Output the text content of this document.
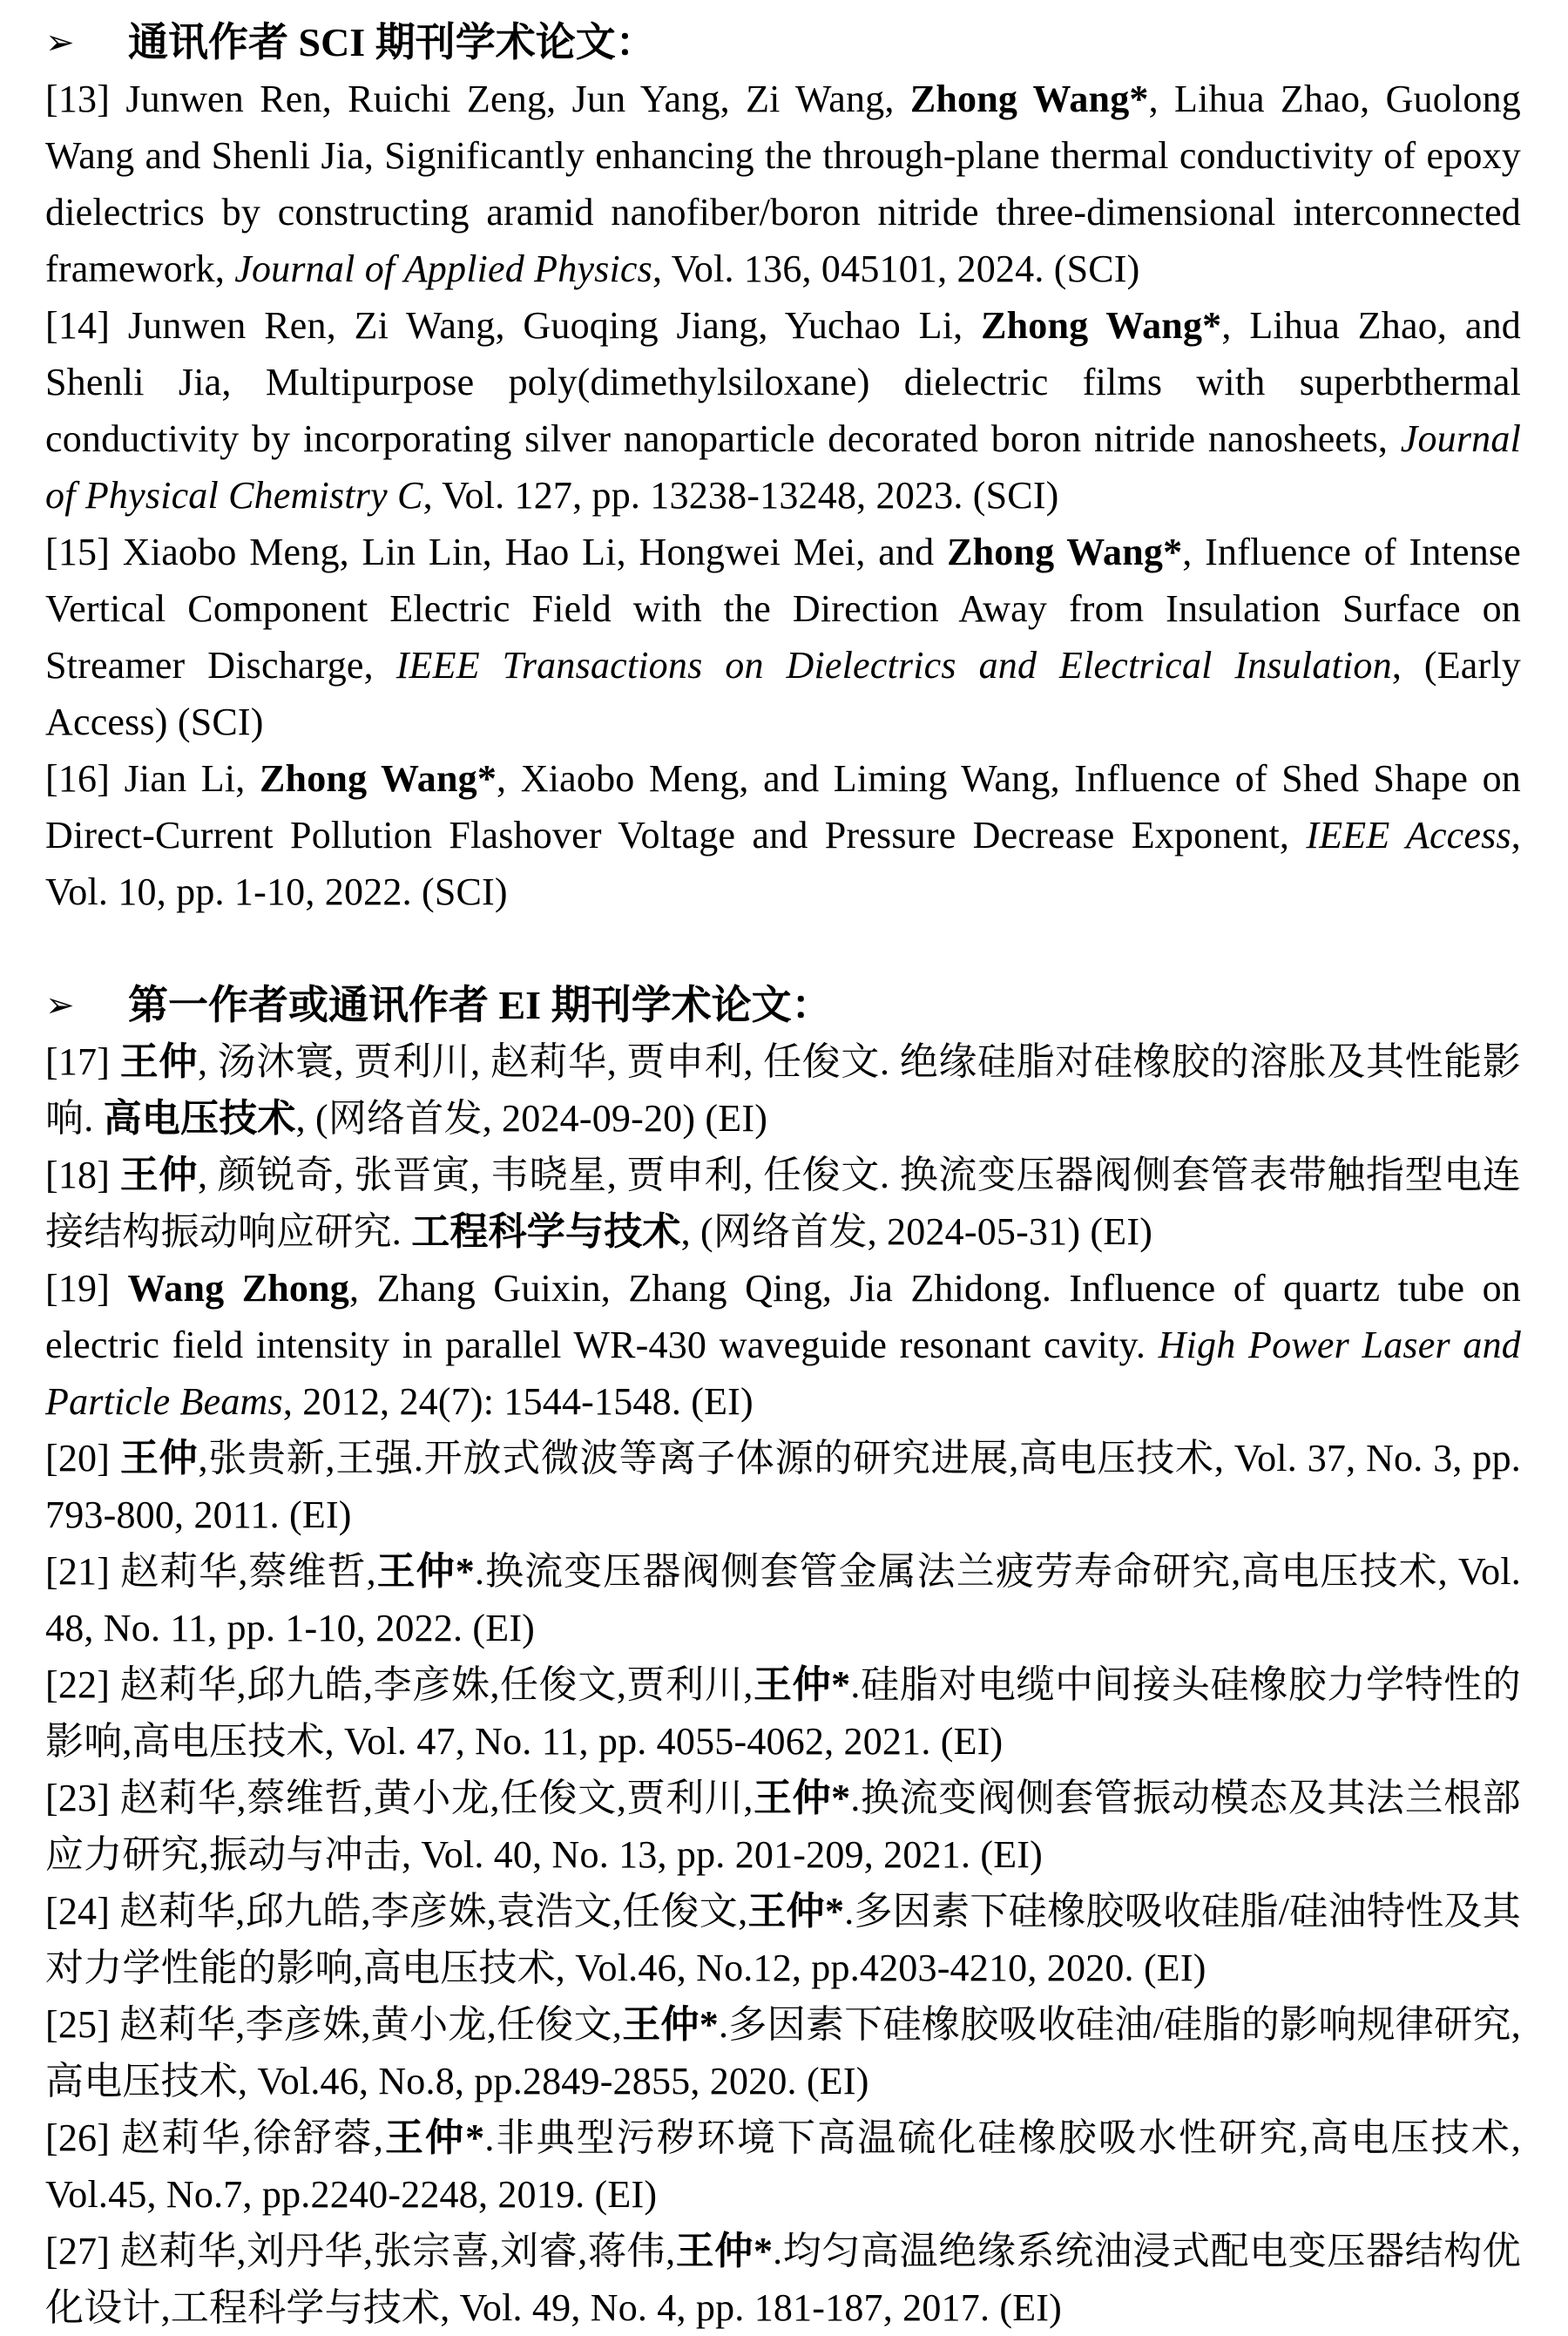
➢	通讯作者 SCI 期刊学术论文：

[13] Junwen Ren, Ruichi Zeng, Jun Yang, Zi Wang, Zhong Wang*, Lihua Zhao, Guolong Wang and Shenli Jia, Significantly enhancing the through-plane thermal conductivity of epoxy dielectrics by constructing aramid nanofiber/boron nitride three-dimensional interconnected framework, Journal of Applied Physics, Vol. 136, 045101, 2024. (SCI)

[14] Junwen Ren, Zi Wang, Guoqing Jiang, Yuchao Li, Zhong Wang*, Lihua Zhao, and Shenli Jia, Multipurpose poly(dimethylsiloxane) dielectric films with superbthermal conductivity by incorporating silver nanoparticle decorated boron nitride nanosheets, Journal of Physical Chemistry C, Vol. 127, pp. 13238-13248, 2023. (SCI)

[15] Xiaobo Meng, Lin Lin, Hao Li, Hongwei Mei, and Zhong Wang*, Influence of Intense Vertical Component Electric Field with the Direction Away from Insulation Surface on Streamer Discharge, IEEE Transactions on Dielectrics and Electrical Insulation, (Early Access) (SCI)

[16] Jian Li, Zhong Wang*, Xiaobo Meng, and Liming Wang, Influence of Shed Shape on Direct-Current Pollution Flashover Voltage and Pressure Decrease Exponent, IEEE Access, Vol. 10, pp. 1-10, 2022. (SCI)

➢	第一作者或通讯作者 EI 期刊学术论文：

[17] 王仲, 汤沐寰, 贾利川, 赵莉华, 贾申利, 任俊文. 绝缘硅脂对硅橡胶的溶胀及其性能影响. 高电压技术, (网络首发, 2024-09-20) (EI)

[18] 王仲, 颜锐奇, 张晋寅, 韦晓星, 贾申利, 任俊文. 换流变压器阀侧套管表带触指型电连接结构振动响应研究. 工程科学与技术, (网络首发, 2024-05-31) (EI)

[19] Wang Zhong, Zhang Guixin, Zhang Qing, Jia Zhidong. Influence of quartz tube on electric field intensity in parallel WR-430 waveguide resonant cavity. High Power Laser and Particle Beams, 2012, 24(7): 1544-1548. (EI)

[20] 王仲,张贵新,王强.开放式微波等离子体源的研究进展,高电压技术, Vol. 37, No. 3, pp. 793-800, 2011. (EI)

[21] 赵莉华,蔡维哲,王仲*.换流变压器阀侧套管金属法兰疲劳寿命研究,高电压技术, Vol. 48, No. 11, pp. 1-10, 2022. (EI)

[22] 赵莉华,邱九皓,李彦姝,任俊文,贾利川,王仲*.硅脂对电缆中间接头硅橡胶力学特性的影响,高电压技术, Vol. 47, No. 11, pp. 4055-4062, 2021. (EI)

[23] 赵莉华,蔡维哲,黄小龙,任俊文,贾利川,王仲*.换流变阀侧套管振动模态及其法兰根部应力研究,振动与冲击, Vol. 40, No. 13, pp. 201-209, 2021. (EI)

[24] 赵莉华,邱九皓,李彦姝,袁浩文,任俊文,王仲*.多因素下硅橡胶吸收硅脂/硅油特性及其对力学性能的影响,高电压技术, Vol.46, No.12, pp.4203-4210, 2020. (EI)

[25] 赵莉华,李彦姝,黄小龙,任俊文,王仲*.多因素下硅橡胶吸收硅油/硅脂的影响规律研究,高电压技术, Vol.46, No.8, pp.2849-2855, 2020. (EI)

[26] 赵莉华,徐舒蓉,王仲*.非典型污秽环境下高温硫化硅橡胶吸水性研究,高电压技术, Vol.45, No.7, pp.2240-2248, 2019. (EI)

[27] 赵莉华,刘丹华,张宗喜,刘睿,蒋伟,王仲*.均匀高温绝缘系统油浸式配电变压器结构优化设计,工程科学与技术, Vol. 49, No. 4, pp. 181-187, 2017. (EI)
